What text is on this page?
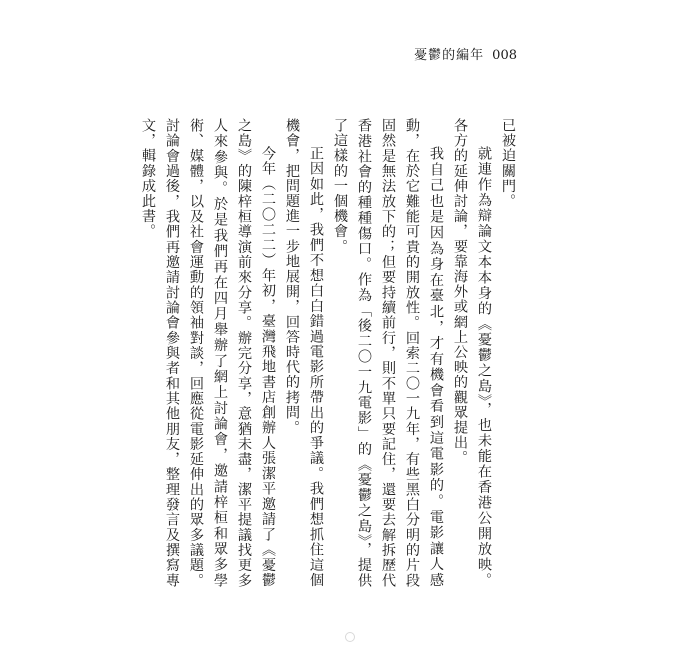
憂鬱的編年 008

已被迫關門。

就連作為辯論文本本身的《憂鬱之島》，也未能在香港公開放映。各方的延伸討論，要靠海外或網上公映的觀眾提出。

我自己也是因為身在臺北，才有機會看到這電影的。電影讓人感動，在於它難能可貴的開放性。回索二〇一九年，有些黑白分明的片段固然是無法放下的；但要持續前行，則不單只要記住，還要去解拆歷代香港社會的種種傷口。作為「後二〇一九電影」的《憂鬱之島》，提供了這樣的一個機會。

正因如此，我們不想白白錯過電影所帶出的爭議。我們想抓住這個機會，把問題進一步地展開，回答時代的拷問。

今年（二〇二二）年初，臺灣飛地書店創辦人張潔平邀請了《憂鬱之島》的陳梓桓導演前來分享。辦完分享，意猶未盡，潔平提議找更多人來參與。於是我們再在四月舉辦了網上討論會，邀請梓桓和眾多學術、媒體，以及社會運動的領袖對談，回應從電影延伸出的眾多議題。討論會過後，我們再邀請討論會參與者和其他朋友，整理發言及撰寫專文，輯錄成此書。
